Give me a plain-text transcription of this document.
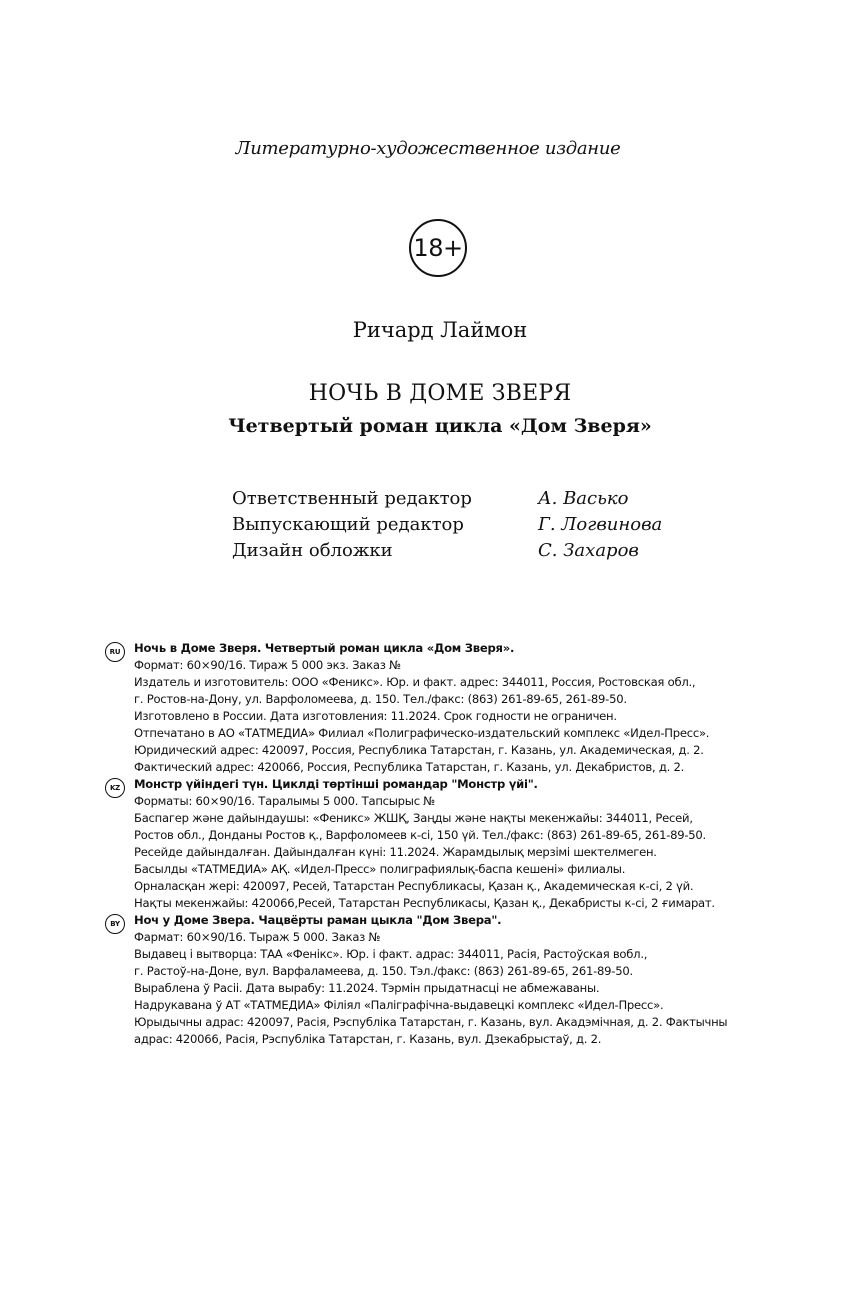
Литературно-художественное издание
18+
Ричард Лаймон
НОЧЬ В ДОМЕ ЗВЕРЯ
Четвертый роман цикла «Дом Зверя»
Ответственный редактор	А. Васько
Выпускающий редактор	Г. Логвинова
Дизайн обложки	С. Захаров
RU	Ночь в Доме Зверя. Четвертый роман цикла «Дом Зверя».
Формат: 60×90/16. Тираж 5 000 экз. Заказ №
Издатель и изготовитель: ООО «Феникс». Юр. и факт. адрес: 344011, Россия, Ростовская обл.,
г. Ростов-на-Дону, ул. Варфоломеева, д. 150. Тел./факс: (863) 261-89-65, 261-89-50.
Изготовлено в России. Дата изготовления: 11.2024. Срок годности не ограничен.
Отпечатано в АО «ТАТМЕДИА» Филиал «Полиграфическо-издательский комплекс «Идел-Пресс».
Юридический адрес: 420097, Россия, Республика Татарстан, г. Казань, ул. Академическая, д. 2.
Фактический адрес: 420066, Россия, Республика Татарстан, г. Казань, ул. Декабристов, д. 2.
KZ	Монстр үйіндегі түн. Циклді төртінші романдар "Монстр үйі".
Форматы: 60×90/16. Таралымы 5 000. Тапсырыс №
Баспагер және дайындаушы: «Феникс» ЖШҚ, Заңды және нақты мекенжайы: 344011, Ресей,
Ростов обл., Донданы Ростов қ., Варфоломеев к-сі, 150 үй. Тел./факс: (863) 261-89-65, 261-89-50.
Ресейде дайындалған. Дайындалған күні: 11.2024. Жарамдылық мерзімі шектелмеген.
Басылды «ТАТМЕДИА» АҚ. «Идел-Пресс» полиграфиялық-баспа кешені» филиалы.
Орналасқан жері: 420097, Ресей, Татарстан Республикасы, Қазан қ., Академическая к-сі, 2 үй.
Нақты мекенжайы: 420066,Ресей, Татарстан Республикасы, Қазан қ., Декабристы к-сі, 2 ғимарат.
BY	Ноч у Доме Звера. Чацвёрты раман цыкла "Дом Звера".
Фармат: 60×90/16. Тыраж 5 000. Заказ №
Выдавец і вытворца: ТАА «Фенікс». Юр. і факт. адрас: 344011, Расія, Растоўская вобл.,
г. Растоў-на-Доне, вул. Варфаламеева, д. 150. Тэл./факс: (863) 261-89-65, 261-89-50.
Выраблена ў Расіі. Дата вырабу: 11.2024. Тэрмін прыдатнасці не абмежаваны.
Надрукавана ў АТ «ТАТМЕДИА» Філіял «Паліграфічна-выдавецкі комплекс «Идел-Пресс».
Юрыдычны адрас: 420097, Расія, Рэспубліка Татарстан, г. Казань, вул. Акадэмічная, д. 2. Фактычны
адрас: 420066, Расія, Рэспубліка Татарстан, г. Казань, вул. Дзекабрыстаў, д. 2.
